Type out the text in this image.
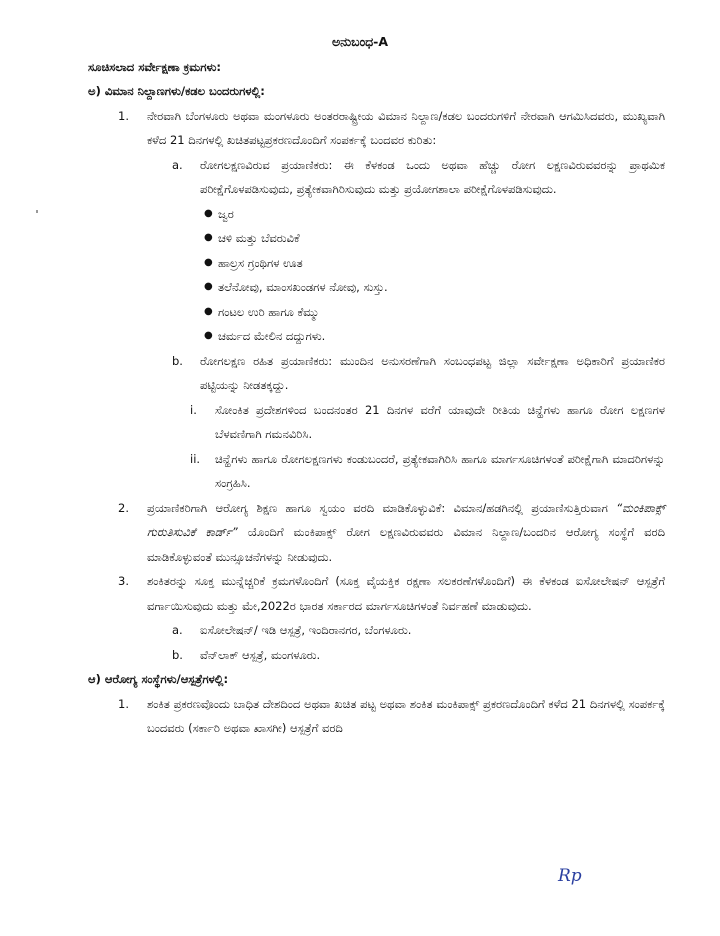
ಅನುಬಂಧ-A
ಸೂಚಿಸಲಾದ ಸರ್ವೇಕ್ಷಣಾ ಕ್ರಮಗಳು:
ಅ) ವಿಮಾನ ನಿಲ್ದಾಣಗಳು/ಕಡಲ ಬಂದರುಗಳಲ್ಲಿ:
1. ನೇರವಾಗಿ ಬೆಂಗಳೂರು ಅಥವಾ ಮಂಗಳೂರು ಅಂತರರಾಷ್ಟ್ರೀಯ ವಿಮಾನ ನಿಲ್ದಾಣ/ಕಡಲ ಬಂದರುಗಳಿಗೆ ನೇರವಾಗಿ ಆಗಮಿಸಿದವರು, ಮುಖ್ಯವಾಗಿ ಕಳೆದ 21 ದಿನಗಳಲ್ಲಿ ಖಚಿತಪಟ್ಟಪ್ರಕರಣದೊಂದಿಗೆ ಸಂಪರ್ಕಕ್ಕೆ ಬಂದವರ ಕುರಿತು:
a. ರೋಗಲಕ್ಷಣವಿರುವ ಪ್ರಯಾಣಿಕರು: ಈ ಕೆಳಕಂಡ ಒಂದು ಅಥವಾ ಹೆಚ್ಚು ರೋಗ ಲಕ್ಷಣವಿರುವವರನ್ನು ಪ್ರಾಥಮಿಕ ಪರೀಕ್ಷೆಗೊಳಪಡಿಸುವುದು, ಪ್ರತ್ಯೇಕವಾಗಿರಿಸುವುದು ಮತ್ತು ಪ್ರಯೋಗಶಾಲಾ ಪರೀಕ್ಷೆಗೊಳಪಡಿಸುವುದು.
● ಜ್ವರ
● ಚಳಿ ಮತ್ತು ಬೆವರುವಿಕೆ
● ಹಾಲ್ರಸ ಗ್ರಂಥಿಗಳ ಊತ
● ತಲೆನೋವು, ಮಾಂಸಖಂಡಗಳ ನೋವು, ಸುಸ್ತು.
● ಗಂಟಲ ಉರಿ ಹಾಗೂ ಕೆಮ್ಮು
● ಚರ್ಮದ ಮೇಲಿನ ದದ್ದುಗಳು.
b. ರೋಗಲಕ್ಷಣ ರಹಿತ ಪ್ರಯಾಣಿಕರು: ಮುಂದಿನ ಅನುಸರಣೆಗಾಗಿ ಸಂಬಂಧಪಟ್ಟ ಜಿಲ್ಲಾ ಸರ್ವೇಕ್ಷಣಾ ಅಧಿಕಾರಿಗೆ ಪ್ರಯಾಣಿಕರ ಪಟ್ಟಿಯನ್ನು ನೀಡತಕ್ಕದ್ದು.
i. ಸೋಂಕಿತ ಪ್ರದೇಶಗಳಿಂದ ಬಂದನಂತರ 21 ದಿನಗಳ ವರೆಗೆ ಯಾವುದೇ ರೀತಿಯ ಚಿನ್ಹೆಗಳು ಹಾಗೂ ರೋಗ ಲಕ್ಷಣಗಳ ಬೆಳವಣಿಗಾಗಿ ಗಮನವಿರಿಸಿ.
ii. ಚಿನ್ಹೆಗಳು ಹಾಗೂ ರೋಗಲಕ್ಷಣಗಳು ಕಂಡುಬಂದರೆ, ಪ್ರತ್ಯೇಕವಾಗಿರಿಸಿ ಹಾಗೂ ಮಾರ್ಗಸೂಚಿಗಳಂತೆ ಪರೀಕ್ಷೆಗಾಗಿ ಮಾದರಿಗಳನ್ನು ಸಂಗ್ರಹಿಸಿ.
2. ಪ್ರಯಾಣಿಕರಿಗಾಗಿ ಆರೋಗ್ಯ ಶಿಕ್ಷಣ ಹಾಗೂ ಸ್ವಯಂ ವರದಿ ಮಾಡಿಕೊಳ್ಳುವಿಕೆ: ವಿಮಾನ/ಹಡಗಿನಲ್ಲಿ ಪ್ರಯಾಣಿಸುತ್ತಿರುವಾಗ “ಮಂಕಿಪಾಕ್ಸ್ ಗುರುತಿಸುವಿಕೆ ಕಾರ್ಡ್” ಯೊಂದಿಗೆ ಮಂಕಿಪಾಕ್ಸ್ ರೋಗ ಲಕ್ಷಣವಿರುವವರು ವಿಮಾನ ನಿಲ್ದಾಣ/ಬಂದರಿನ ಆರೋಗ್ಯ ಸಂಸ್ಥೆಗೆ ವರದಿ ಮಾಡಿಕೊಳ್ಳುವಂತೆ ಮುನ್ಸೂಚನೆಗಳನ್ನು ನೀಡುವುದು.
3. ಶಂಕಿತರನ್ನು ಸೂಕ್ತ ಮುನ್ನೆಚ್ಚರಿಕೆ ಕ್ರಮಗಳೊಂದಿಗೆ (ಸೂಕ್ತ ವೈಯಕ್ತಿಕ ರಕ್ಷಣಾ ಸಲಕರಣೆಗಳೊಂದಿಗೆ) ಈ ಕೆಳಕಂಡ ಐಸೋಲೇಷನ್ ಆಸ್ಪತ್ರೆಗೆ ವರ್ಗಾಯಿಸುವುದು ಮತ್ತು ಮೇ,2022ರ ಭಾರತ ಸರ್ಕಾರದ ಮಾರ್ಗಸೂಚಿಗಳಂತೆ ನಿರ್ವಹಣೆ ಮಾಡುವುದು.
a. ಐಸೋಲೇಷನ್/ ಇಡಿ ಆಸ್ಪತ್ರೆ, ಇಂದಿರಾನಗರ, ಬೆಂಗಳೂರು.
b. ವೆನ್‌ಲಾಕ್ ಆಸ್ಪತ್ರೆ, ಮಂಗಳೂರು.
ಆ) ಆರೋಗ್ಯ ಸಂಸ್ಥೆಗಳು/ಆಸ್ಪತ್ರೆಗಳಲ್ಲಿ:
1. ಶಂಕಿತ ಪ್ರಕರಣವೊಂದು ಬಾಧಿತ ದೇಶದಿಂದ ಅಥವಾ ಖಚಿತ ಪಟ್ಟ ಅಥವಾ ಶಂಕಿತ ಮಂಕಿಪಾಕ್ಸ್ ಪ್ರಕರಣದೊಂದಿಗೆ ಕಳೆದ 21 ದಿನಗಳಲ್ಲಿ ಸಂಪರ್ಕಕ್ಕೆ ಬಂದವರು (ಸರ್ಕಾರಿ ಅಥವಾ ಖಾಸಗೀ) ಆಸ್ಪತ್ರೆಗೆ ವರದಿ
Rp
